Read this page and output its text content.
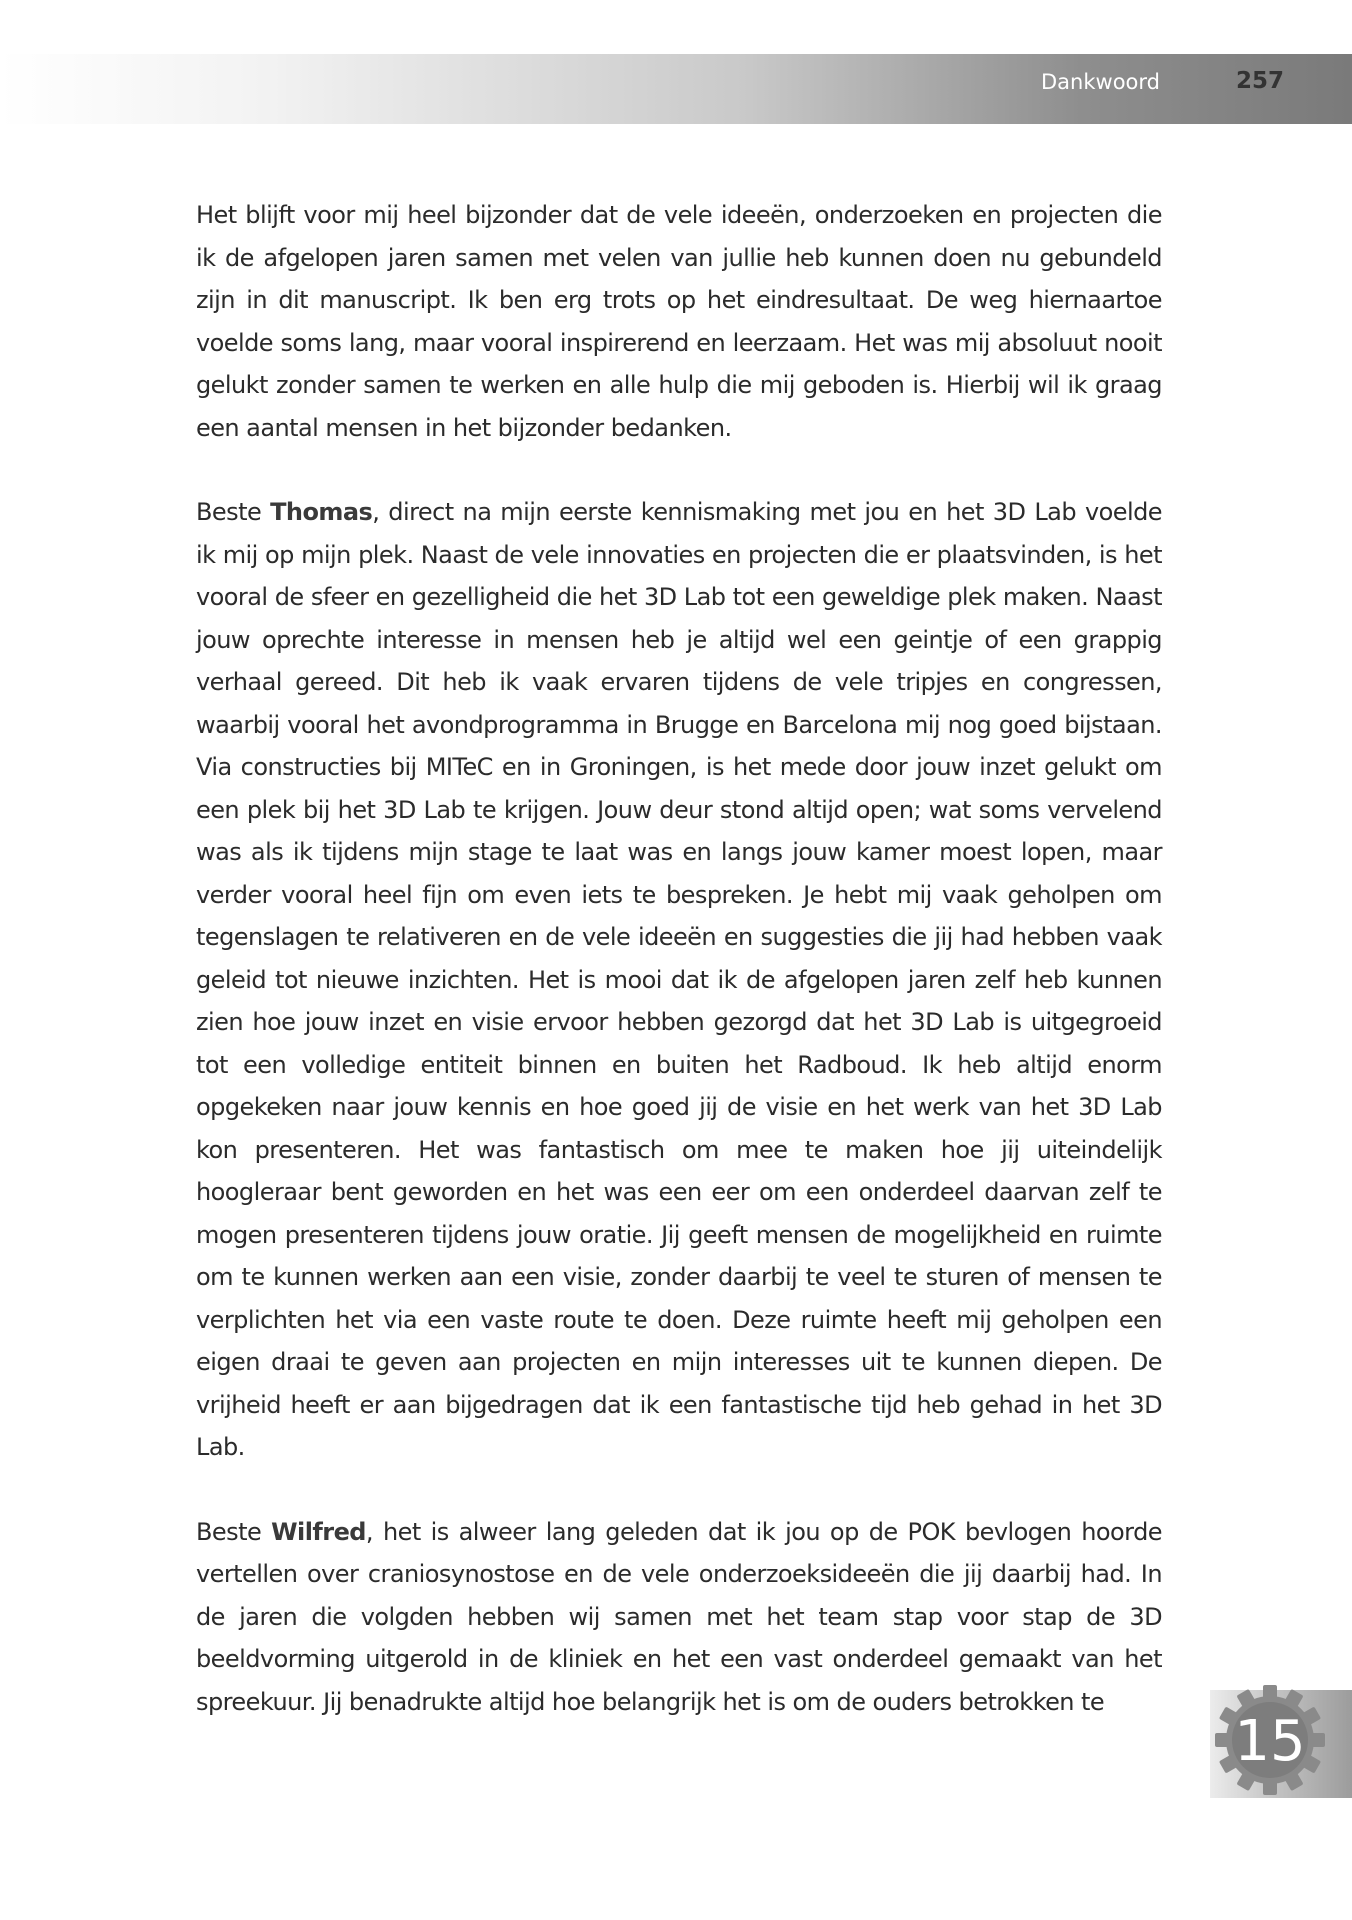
Dankwoord	257

Het blijft voor mij heel bijzonder dat de vele ideeën, onderzoeken en projecten die ik de afgelopen jaren samen met velen van jullie heb kunnen doen nu gebundeld zijn in dit manuscript. Ik ben erg trots op het eindresultaat. De weg hiernaartoe voelde soms lang, maar vooral inspirerend en leerzaam. Het was mij absoluut nooit gelukt zonder samen te werken en alle hulp die mij geboden is. Hierbij wil ik graag een aantal mensen in het bijzonder bedanken.

Beste Thomas, direct na mijn eerste kennismaking met jou en het 3D Lab voelde ik mij op mijn plek. Naast de vele innovaties en projecten die er plaatsvinden, is het vooral de sfeer en gezelligheid die het 3D Lab tot een geweldige plek maken. Naast jouw oprechte interesse in mensen heb je altijd wel een geintje of een grappig verhaal gereed. Dit heb ik vaak ervaren tijdens de vele tripjes en congressen, waarbij vooral het avondprogramma in Brugge en Barcelona mij nog goed bijstaan. Via constructies bij MITeC en in Groningen, is het mede door jouw inzet gelukt om een plek bij het 3D Lab te krijgen. Jouw deur stond altijd open; wat soms vervelend was als ik tijdens mijn stage te laat was en langs jouw kamer moest lopen, maar verder vooral heel fijn om even iets te bespreken. Je hebt mij vaak geholpen om tegenslagen te relativeren en de vele ideeën en suggesties die jij had hebben vaak geleid tot nieuwe inzichten. Het is mooi dat ik de afgelopen jaren zelf heb kunnen zien hoe jouw inzet en visie ervoor hebben gezorgd dat het 3D Lab is uitgegroeid tot een volledige entiteit binnen en buiten het Radboud. Ik heb altijd enorm opgekeken naar jouw kennis en hoe goed jij de visie en het werk van het 3D Lab kon presenteren. Het was fantastisch om mee te maken hoe jij uiteindelijk hoogleraar bent geworden en het was een eer om een onderdeel daarvan zelf te mogen presenteren tijdens jouw oratie. Jij geeft mensen de mogelijkheid en ruimte om te kunnen werken aan een visie, zonder daarbij te veel te sturen of mensen te verplichten het via een vaste route te doen. Deze ruimte heeft mij geholpen een eigen draai te geven aan projecten en mijn interesses uit te kunnen diepen. De vrijheid heeft er aan bijgedragen dat ik een fantastische tijd heb gehad in het 3D Lab.

Beste Wilfred, het is alweer lang geleden dat ik jou op de POK bevlogen hoorde vertellen over craniosynostose en de vele onderzoeksideeën die jij daarbij had. In de jaren die volgden hebben wij samen met het team stap voor stap de 3D beeldvorming uitgerold in de kliniek en het een vast onderdeel gemaakt van het spreekuur. Jij benadrukte altijd hoe belangrijk het is om de ouders betrokken te

15
